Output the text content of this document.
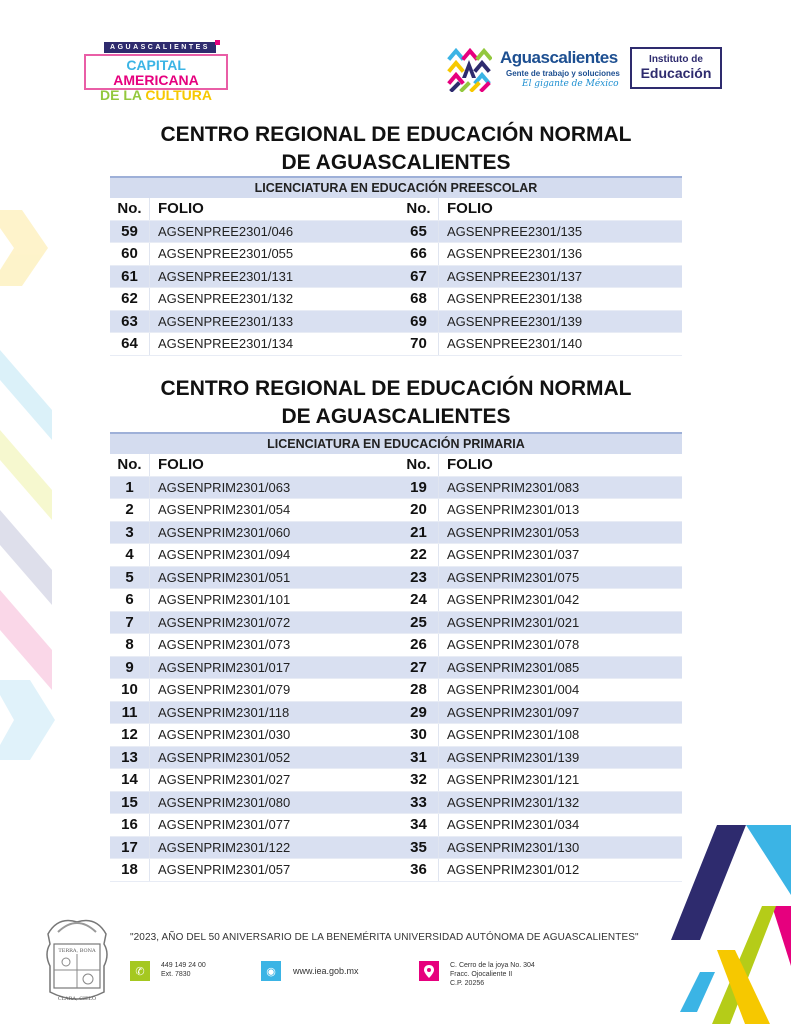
AGUASCALIENTES
CAPITAL AMERICANA
DE LA CULTURA
Aguascalientes
Gente de trabajo y soluciones
El gigante de México
Instituto de
Educación
CENTRO REGIONAL DE EDUCACIÓN NORMAL
DE AGUASCALIENTES
LICENCIATURA EN EDUCACIÓN PREESCOLAR
No.	FOLIO	No.	FOLIO
59	AGSENPREE2301/046	65	AGSENPREE2301/135
60	AGSENPREE2301/055	66	AGSENPREE2301/136
61	AGSENPREE2301/131	67	AGSENPREE2301/137
62	AGSENPREE2301/132	68	AGSENPREE2301/138
63	AGSENPREE2301/133	69	AGSENPREE2301/139
64	AGSENPREE2301/134	70	AGSENPREE2301/140
CENTRO REGIONAL DE EDUCACIÓN NORMAL
DE AGUASCALIENTES
LICENCIATURA EN EDUCACIÓN PRIMARIA
No.	FOLIO	No.	FOLIO
1	AGSENPRIM2301/063	19	AGSENPRIM2301/083
2	AGSENPRIM2301/054	20	AGSENPRIM2301/013
3	AGSENPRIM2301/060	21	AGSENPRIM2301/053
4	AGSENPRIM2301/094	22	AGSENPRIM2301/037
5	AGSENPRIM2301/051	23	AGSENPRIM2301/075
6	AGSENPRIM2301/101	24	AGSENPRIM2301/042
7	AGSENPRIM2301/072	25	AGSENPRIM2301/021
8	AGSENPRIM2301/073	26	AGSENPRIM2301/078
9	AGSENPRIM2301/017	27	AGSENPRIM2301/085
10	AGSENPRIM2301/079	28	AGSENPRIM2301/004
11	AGSENPRIM2301/118	29	AGSENPRIM2301/097
12	AGSENPRIM2301/030	30	AGSENPRIM2301/108
13	AGSENPRIM2301/052	31	AGSENPRIM2301/139
14	AGSENPRIM2301/027	32	AGSENPRIM2301/121
15	AGSENPRIM2301/080	33	AGSENPRIM2301/132
16	AGSENPRIM2301/077	34	AGSENPRIM2301/034
17	AGSENPRIM2301/122	35	AGSENPRIM2301/130
18	AGSENPRIM2301/057	36	AGSENPRIM2301/012
TERRA, BONA
CLARA, CIELO
"2023, AÑO DEL 50 ANIVERSARIO DE LA BENEMÉRITA UNIVERSIDAD AUTÓNOMA DE AGUASCALIENTES"
✆	449 149 24 00
Ext. 7830	◉	www.iea.gob.mx
C. Cerro de la joya No. 304
Fracc. Ojocaliente II
C.P. 20256
